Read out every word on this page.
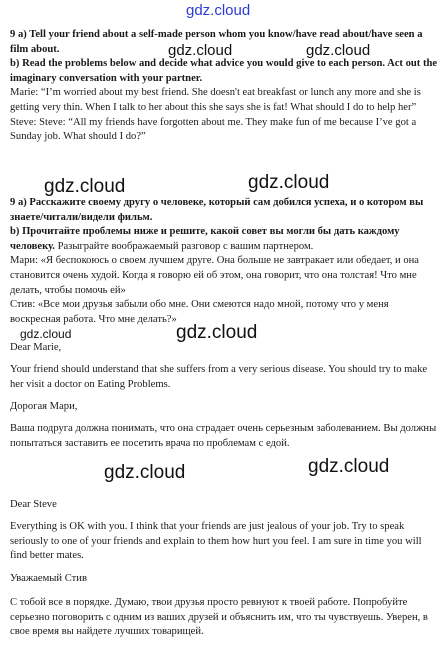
gdz.cloud
gdz.cloud	gdz.cloud
gdz.cloud	gdz.cloud
gdz.cloud	gdz.cloud
gdz.cloud	gdz.cloud

9 a) Tell your friend about a self-made person whom you know/have read about/have seen a film about.

b) Read the problems below and decide what advice you would give to each person. Act out the imaginary conversation with your partner.

Marie: “I’m worried about my best friend. She doesn't eat breakfast or lunch any more and she is getting very thin. When I talk to her about this she says she is fat! What should I do to help her” Steve: Steve: “All my friends have forgotten about me. They make fun of me because I’ve got a Sunday job. What should I do?”

9 a) Расскажите своему другу о человеке, который сам добился успеха, и о котором вы знаете/читали/видели фильм.

b) Прочитайте проблемы ниже и решите, какой совет вы могли бы дать каждому человеку. Разыграйте воображаемый разговор с вашим партнером.

Мари: «Я беспокоюсь о своем лучшем друге. Она больше не завтракает или обедает, и она становится очень худой. Когда я говорю ей об этом, она говорит, что она толстая! Что мне делать, чтобы помочь ей»

Стив: «Все мои друзья забыли обо мне. Они смеются надо мной, потому что у меня воскресная работа. Что мне делать?»

Dear Marie,
Your friend should understand that she suffers from a very serious disease. You should try to make her visit a doctor on Eating Problems.
Дорогая Мари,
Ваша подруга должна понимать, что она страдает очень серьезным заболеванием. Вы должны попытаться заставить ее посетить врача по проблемам с едой.
Dear Steve
Everything is OK with you. I think that your friends are just jealous of your job. Try to speak seriously to one of your friends and explain to them how hurt you feel. I am sure in time you will find better mates.
Уважаемый Стив
С тобой все в порядке. Думаю, твои друзья просто ревнуют к твоей работе. Попробуйте серьезно поговорить с одним из ваших друзей и объяснить им, что ты чувствуешь. Уверен, в свое время вы найдете лучших товарищей.
